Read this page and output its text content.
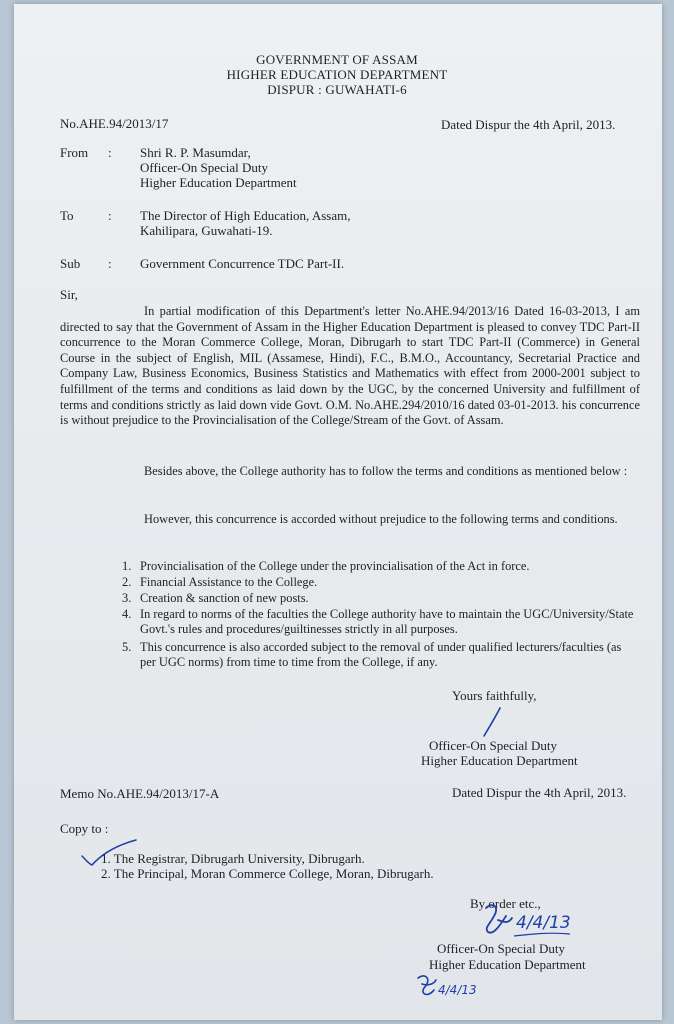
GOVERNMENT OF ASSAM
HIGHER EDUCATION DEPARTMENT
DISPUR : GUWAHATI-6
No.AHE.94/2013/17	Dated Dispur the 4th April, 2013.
From : Shri R. P. Masumdar,
Officer-On Special Duty
Higher Education Department
To	: The Director of High Education, Assam,
Kahilipara, Guwahati-19.
Sub : Government Concurrence TDC Part-II.
Sir,
In partial modification of this Department's letter No.AHE.94/2013/16 Dated 16-03-2013, I am directed to say that the Government of Assam in the Higher Education Department is pleased to convey TDC Part-II concurrence to the Moran Commerce College, Moran, Dibrugarh to start TDC Part-II (Commerce) in General Course in the subject of English, MIL (Assamese, Hindi), F.C., B.M.O., Accountancy, Secretarial Practice and Company Law, Business Economics, Business Statistics and Mathematics with effect from 2000-2001 subject to fulfillment of the terms and conditions as laid down by the UGC, by the concerned University and fulfillment of terms and conditions strictly as laid down vide Govt. O.M. No.AHE.294/2010/16 dated 03-01-2013. his concurrence is without prejudice to the Provincialisation of the College/Stream of the Govt. of Assam.
Besides above, the College authority has to follow the terms and conditions as mentioned below :
However, this concurrence is accorded without prejudice to the following terms and conditions.
1. Provincialisation of the College under the provincialisation of the Act in force.
2. Financial Assistance to the College.
3. Creation & sanction of new posts.
4. In regard to norms of the faculties the College authority have to maintain the UGC/University/State Govt.'s rules and procedures/guiltinesses strictly in all purposes.
5. This concurrence is also accorded subject to the removal of under qualified lecturers/faculties (as per UGC norms) from time to time from the College, if any.
Yours faithfully,
Officer-On Special Duty
Higher Education Department
Memo No.AHE.94/2013/17-A	Dated Dispur the 4th April, 2013.
Copy to :
1. The Registrar, Dibrugarh University, Dibrugarh.
2. The Principal, Moran Commerce College, Moran, Dibrugarh.
By order etc.,
4/4/13
Officer-On Special Duty
Higher Education Department
4/4/13
